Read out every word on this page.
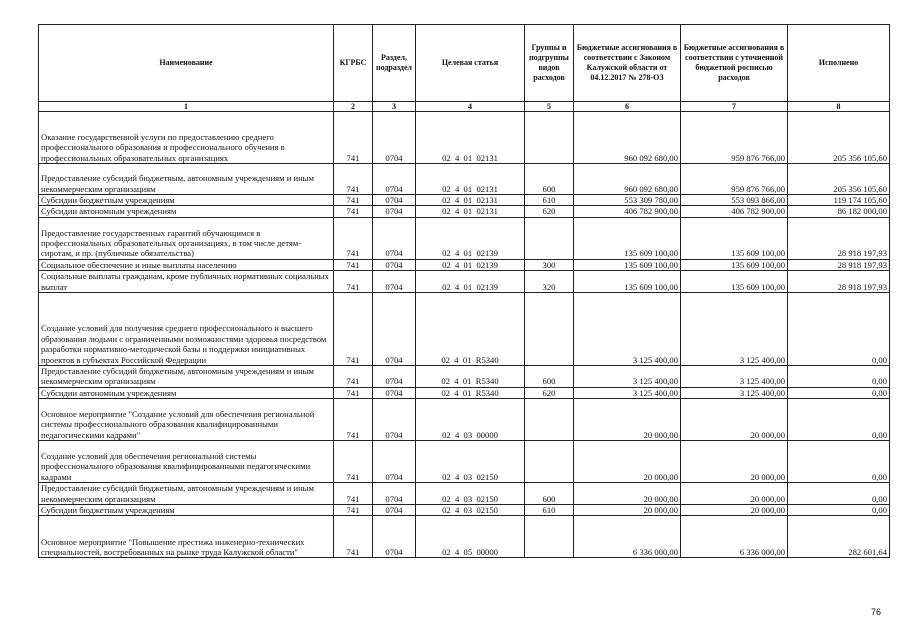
Наименование	КГРБС	Раздел, подраздел	Целевая статья	Группы и подгруппы видов расходов	Бюджетные ассигнования в соответствии с Законом Калужской области от 04.12.2017 № 278-ОЗ	Бюджетные ассигнования в соответствии с уточненной бюджетной росписью расходов	Исполнено
1	2	3	4	5	6	7	8
Оказание государственной услуги по предоставлению среднего профессионального образования и профессионального обучения в профессиональных образовательных организациях	741	0704	02  4  01  02131		960 092 680,00	959 876 766,00	205 356 105,60
Предоставление субсидий бюджетным, автономным учреждениям и иным некоммерческим организациям	741	0704	02  4  01  02131	600	960 092 680,00	959 876 766,00	205 356 105,60
Субсидии бюджетным учреждениям	741	0704	02  4  01  02131	610	553 309 780,00	553 093 866,00	119 174 105,60
Субсидии автономным учреждениям	741	0704	02  4  01  02131	620	406 782 900,00	406 782 900,00	86 182 000,00
Предоставление государственных гарантий обучающимся в профессиональных образовательных организациях, в том числе детям-сиротам, и пр. (публичные обязательства)	741	0704	02  4  01  02139		135 609 100,00	135 609 100,00	28 918 197,93
Социальное обеспечение и иные выплаты населению	741	0704	02  4  01  02139	300	135 609 100,00	135 609 100,00	28 918 197,93
Социальные выплаты гражданам, кроме публичных нормативных социальных выплат	741	0704	02  4  01  02139	320	135 609 100,00	135 609 100,00	28 918 197,93
Создание условий для получения среднего профессионального и высшего образования людьми с ограниченными возможностями здоровья посредством разработки нормативно-методической базы и поддержки инициативных проектов в субъектах Российской Федерации	741	0704	02  4  01  R5340		3 125 400,00	3 125 400,00	0,00
Предоставление субсидий бюджетным, автономным учреждениям и иным некоммерческим организациям	741	0704	02  4  01  R5340	600	3 125 400,00	3 125 400,00	0,00
Субсидии автономным учреждениям	741	0704	02  4  01  R5340	620	3 125 400,00	3 125 400,00	0,00
Основное мероприятие "Создание условий для обеспечения региональной системы профессионального образования квалифицированными педагогическими кадрами"	741	0704	02  4  03  00000		20 000,00	20 000,00	0,00
Создание условий для обеспечения региональной системы профессионального образования квалифицированными педагогическими кадрами	741	0704	02  4  03  02150		20 000,00	20 000,00	0,00
Предоставление субсидий бюджетным, автономным учреждениям и иным некоммерческим организациям	741	0704	02  4  03  02150	600	20 000,00	20 000,00	0,00
Субсидии бюджетным учреждениям	741	0704	02  4  03  02150	610	20 000,00	20 000,00	0,00
Основное мероприятие "Повышение престижа инженерно-технических специальностей, востребованных на рынке труда Калужской области"	741	0704	02  4  05  00000		6 336 000,00	6 336 000,00	282 601,64
76
